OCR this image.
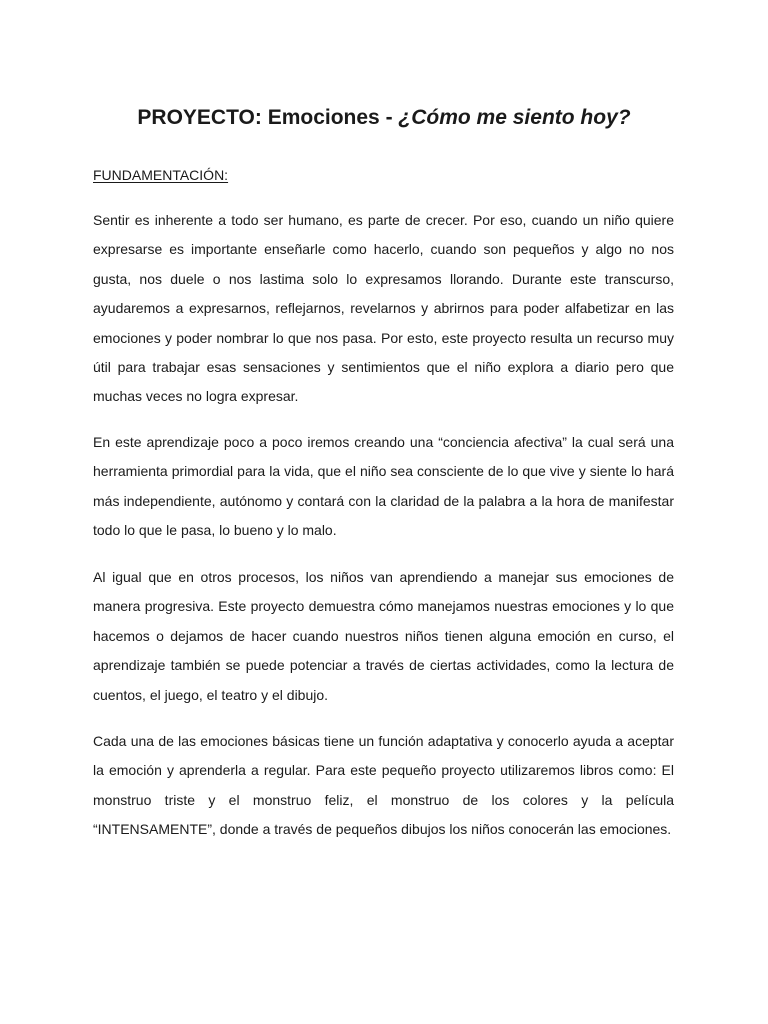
PROYECTO: Emociones - ¿Cómo me siento hoy?
FUNDAMENTACIÓN:

Sentir es inherente a todo ser humano, es parte de crecer. Por eso, cuando un niño quiere expresarse es importante enseñarle como hacerlo, cuando son pequeños y algo no nos gusta, nos duele o nos lastima solo lo expresamos llorando. Durante este transcurso, ayudaremos a expresarnos, reflejarnos, revelarnos y abrirnos para poder alfabetizar en las emociones y poder nombrar lo que nos pasa. Por esto, este proyecto resulta un recurso muy útil para trabajar esas sensaciones y sentimientos que el niño explora a diario pero que muchas veces no logra expresar.

En este aprendizaje poco a poco iremos creando una “conciencia afectiva” la cual será una herramienta primordial para la vida, que el niño sea consciente de lo que vive y siente lo hará más independiente, autónomo y contará con la claridad de la palabra a la hora de manifestar todo lo que le pasa, lo bueno y lo malo.

Al igual que en otros procesos, los niños van aprendiendo a manejar sus emociones de manera progresiva. Este proyecto demuestra cómo manejamos nuestras emociones y lo que hacemos o dejamos de hacer cuando nuestros niños tienen alguna emoción en curso, el aprendizaje también se puede potenciar a través de ciertas actividades, como la lectura de cuentos, el juego, el teatro y el dibujo.

Cada una de las emociones básicas tiene un función adaptativa y conocerlo ayuda a aceptar la emoción y aprenderla a regular. Para este pequeño proyecto utilizaremos libros como: El monstruo triste y el monstruo feliz, el monstruo de los colores y la película “INTENSAMENTE”, donde a través de pequeños dibujos los niños conocerán las emociones.
